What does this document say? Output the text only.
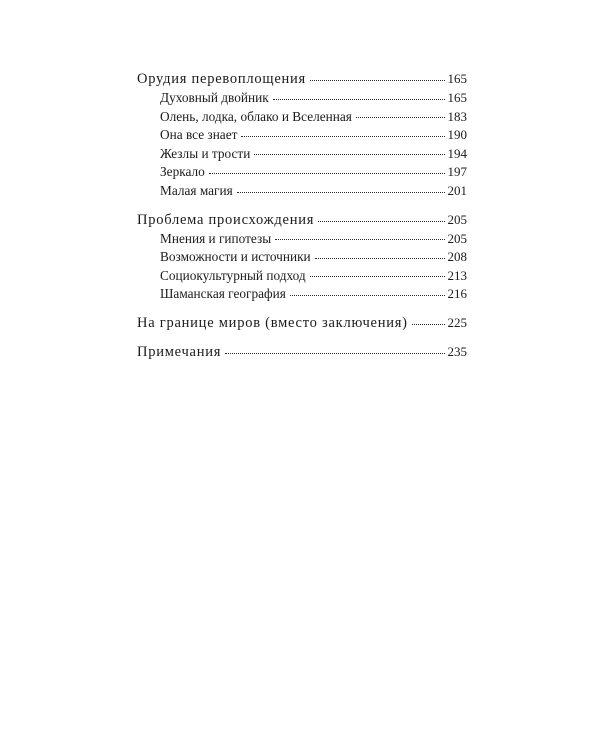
Орудия перевоплощения	165
Духовный двойник	165
Олень, лодка, облако и Вселенная	183
Она все знает	190
Жезлы и трости	194
Зеркало	197
Малая магия	201
Проблема происхождения	205
Мнения и гипотезы	205
Возможности и источники	208
Социокультурный подход	213
Шаманская география	216
На границе миров (вместо заключения)	225
Примечания	235
